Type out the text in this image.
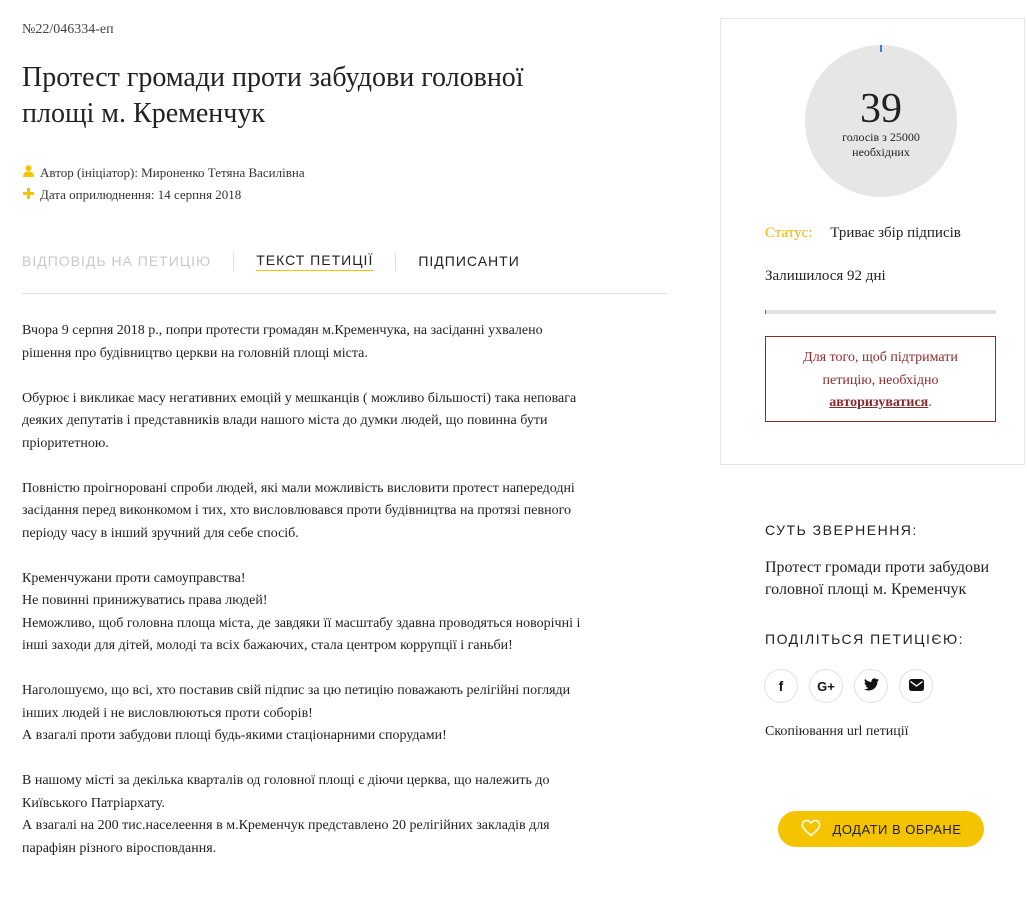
№22/046334-еп
Протест громади проти забудови головної
площі м. Кременчук
Автор (ініціатор): Мироненко Тетяна Василівна
Дата оприлюднення: 14 серпня 2018
ВІДПОВІДЬ НА ПЕТИЦІЮ	ТЕКСТ ПЕТИЦІЇ	ПІДПИСАНТИ

Вчора 9 серпня 2018 р., попри протести громадян м.Кременчука, на засіданні ухвалено
рішення про будівництво церкви на головній площі міста.

Обурює і викликає масу негативних емоцій у мешканців ( можливо більшості) така неповага
деяких депутатів і представників влади нашого міста до думки людей, що повинна бути
пріоритетною.

Повністю проігноровані спроби людей, які мали можливість висловити протест напередодні
засідання перед виконкомом і тих, хто висловлювався проти будівництва на протязі певного
періоду часу в інший зручний для себе спосіб.

Кременчужани проти самоуправства!
Не повинні принижуватись права людей!
Неможливо, щоб головна площа міста, де завдяки її масштабу здавна проводяться новорічні і
інші заходи для дітей, молоді та всіх бажаючих, стала центром коррупції і ганьби!

Наголошуємо, що всі, хто поставив свій підпис за цю петицію поважають релігійні погляди
інших людей і не висловлюються проти соборів!
А взагалі проти забудови площі будь-якими стаціонарними спорудами!

В нашому місті за декілька кварталів од головної площі є діючи церква, що належить до
Київського Патріархату.
А взагалі на 200 тис.населеення в м.Кременчук представлено 20 релігійних закладів для
парафіян різного віросповдання.

39
голосів з 25000
необхідних
Статус: Триває збір підписів
Залишилося 92 дні
Для того, щоб підтримати
петицію, необхідно
авторизуватися.
СУТЬ ЗВЕРНЕННЯ:
Протест громади проти забудови
головної площі м. Кременчук
ПОДІЛІТЬСЯ ПЕТИЦІЄЮ:
f	G+
Скопіювання url петиції
ДОДАТИ В ОБРАНЕ
